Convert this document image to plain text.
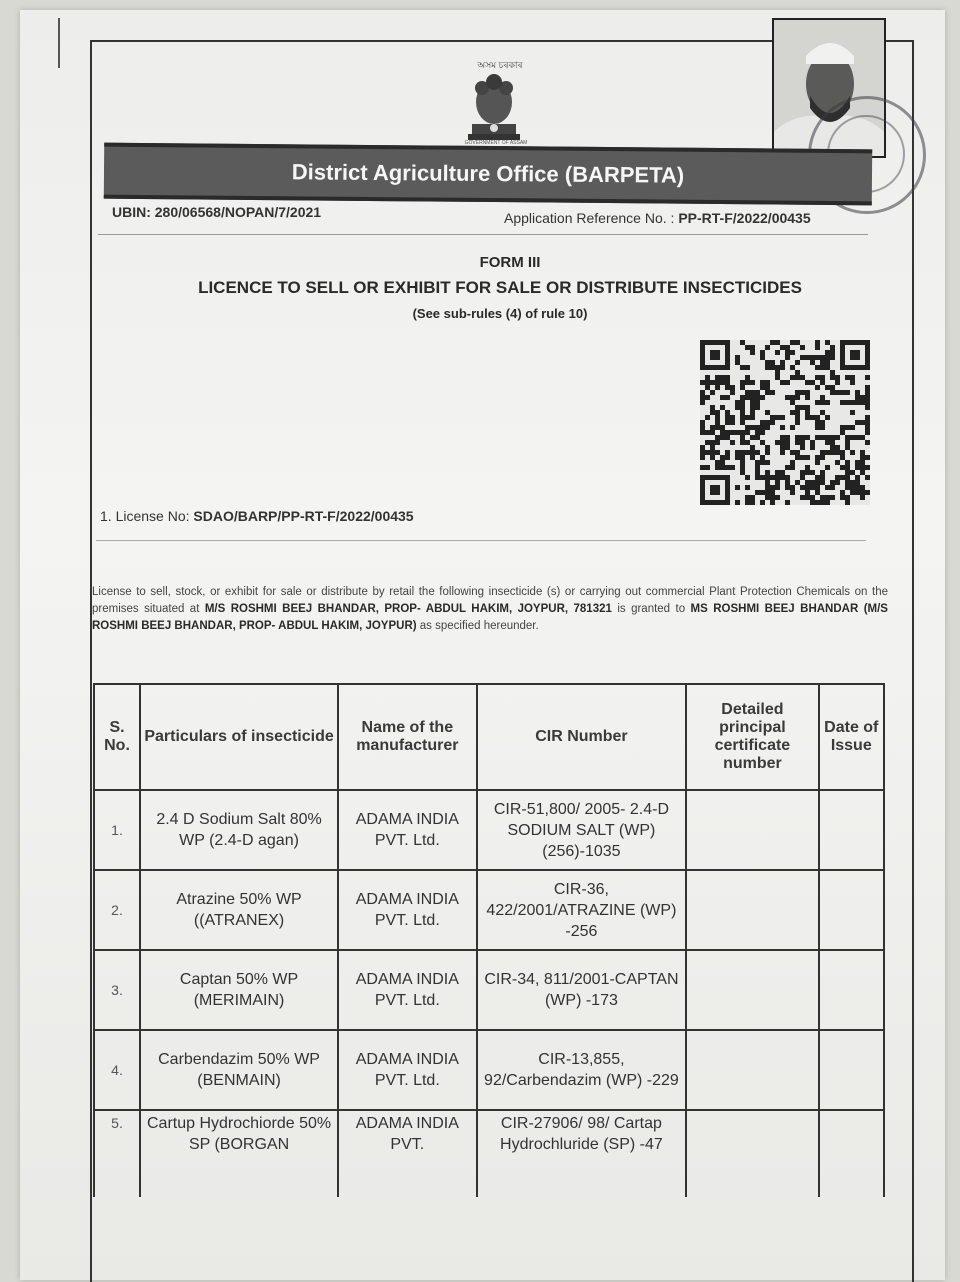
অসম চৰকাৰ
GOVERNMENT OF ASSAM
District Agriculture Office (BARPETA)
UBIN: 280/06568/NOPAN/7/2021	Application Reference No. : PP-RT-F/2022/00435
FORM III
LICENCE TO SELL OR EXHIBIT FOR SALE OR DISTRIBUTE INSECTICIDES
(See sub-rules (4) of rule 10)
1. License No: SDAO/BARP/PP-RT-F/2022/00435
License to sell, stock, or exhibit for sale or distribute by retail the following insecticide (s) or carrying out commercial Plant Protection Chemicals on the premises situated at M/S ROSHMI BEEJ BHANDAR, PROP- ABDUL HAKIM, JOYPUR, 781321 is granted to MS ROSHMI BEEJ BHANDAR (M/S ROSHMI BEEJ BHANDAR, PROP- ABDUL HAKIM, JOYPUR) as specified hereunder.
S. No.	Particulars of insecticide	Name of the manufacturer	CIR Number	Detailed principal certificate number	Date of Issue
1.	2.4 D Sodium Salt 80% WP (2.4-D agan)	ADAMA INDIA PVT. Ltd.	CIR-51,800/ 2005- 2.4-D SODIUM SALT (WP) (256)-1035		
2.	Atrazine 50% WP ((ATRANEX)	ADAMA INDIA PVT. Ltd.	CIR-36, 422/2001/ATRAZINE (WP) -256		
3.	Captan 50% WP (MERIMAIN)	ADAMA INDIA PVT. Ltd.	CIR-34, 811/2001-CAPTAN (WP) -173		
4.	Carbendazim 50% WP (BENMAIN)	ADAMA INDIA PVT. Ltd.	CIR-13,855, 92/Carbendazim (WP) -229		
5.	Cartup Hydrochiorde 50% SP (BORGAN	ADAMA INDIA PVT.	CIR-27906/ 98/ Cartap Hydrochluride (SP) -47		
